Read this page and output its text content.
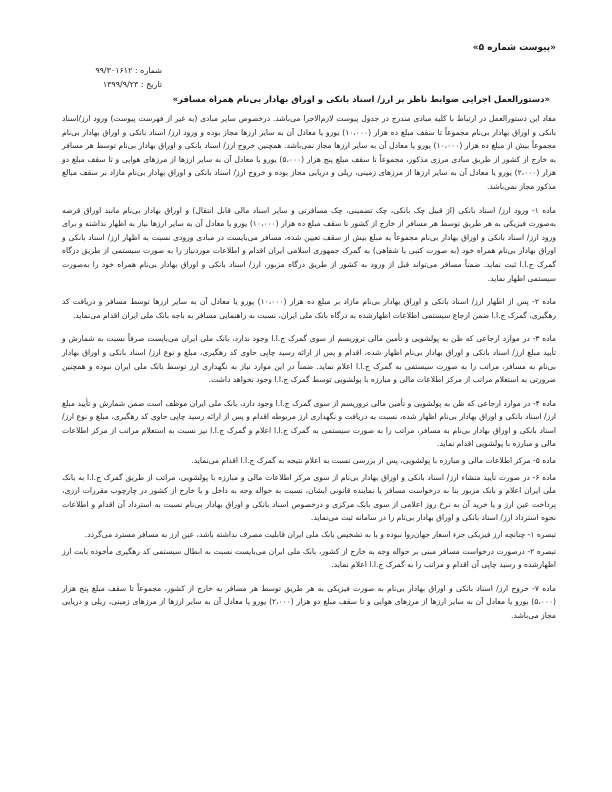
«پیوست شماره ۵»
شماره : ۹۹/۳۰۱۶۱۲
تاریخ : ۱۳۹۹/۹/۲۳
«دستورالعمل اجرایی ضوابط ناظر بر ارز/ اسناد بانکی و اوراق بهادار بی‌نام همراه مسافر»

مفاد این دستورالعمل در ارتباط با کلیه مبادی مندرج در جدول پیوست لازم‌الاجرا می‌باشد. درخصوص سایر مبادی (به غیر از فهرست پیوست) ورود ارز/اسناد بانکی و اوراق بهادار بی‌نام مجموعاً تا سقف مبلغ ده هزار (۱۰،۰۰۰) یورو یا معادل آن به سایر ارزها مجاز بوده و ورود ارز/ اسناد بانکی و اوراق بهادار بی‌نام مجموعاً بیش از مبلغ ده هزار (۱۰،۰۰۰) یورو یا معادل آن به سایر ارزها مجاز نمی‌باشد. همچنین خروج ارز/ اسناد بانکی و اوراق بهادار بی‌نام توسط هر مسافر به خارج از کشور از طریق مبادی مرزی مذکور، مجموعاً تا سقف مبلغ پنج هزار (۵،۰۰۰) یورو یا معادل آن به سایر ارزها از مرزهای هوایی و تا سقف مبلغ دو هزار (۲،۰۰۰) یورو یا معادل آن به سایر ارزها از مرزهای زمینی، ریلی و دریایی مجاز بوده و خروج ارز/ اسناد بانکی و اوراق بهادار بی‌نام مازاد بر سقف مبالغ مذکور مجاز نمی‌باشد.

ماده ۱- ورود ارز/ اسناد بانکی (از قبیل چک بانکی، چک تضمینی، چک مسافرتی و سایر اسناد مالی قابل انتقال) و اوراق بهادار بی‌نام مانند اوراق قرضه به‌صورت فیزیکی به هر طریق توسط هر مسافر از خارج از کشور تا سقف مبلغ ده هزار (۱۰،۰۰۰) یورو یا معادل آن به سایر ارزها نیاز به اظهار نداشته و برای ورود ارز/ اسناد بانکی و اوراق بهادار بی‌نام مجموعاً به مبلغ بیش از سقف تعیین شده، مسافر می‌بایست در مبادی ورودی نسبت به اظهار ارز/ اسناد بانکی و اوراق بهادار بی‌نام همراه خود (به صورت کتبی یا شفاهی) به گمرک جمهوری اسلامی ایران اقدام و اطلاعات موردنیاز را به صورت سیستمی از طریق درگاه گمرک ج.ا.ا ثبت نماید. ضمناً مسافر می‌تواند قبل از ورود به کشور از طریق درگاه مزبور، ارز/ اسناد بانکی و اوراق بهادار بی‌نام همراه خود را به‌صورت سیستمی اظهار نماید.

ماده ۲- پس از اظهار ارز/ اسناد بانکی و اوراق بهادار بی‌نام مازاد بر مبلغ ده هزار (۱۰،۰۰۰) یورو یا معادل آن به سایر ارزها توسط مسافر و دریافت کد رهگیری، گمرک ج.ا.ا ضمن ارجاع سیستمی اطلاعات اظهارشده به درگاه بانک ملی ایران، نسبت به راهنمایی مسافر به باجه بانک ملی ایران اقدام می‌نماید.

ماده ۳- در موارد ارجاعی که ظن به پولشویی و تأمین مالی تروریسم از سوی گمرک ج.ا.ا وجود ندارد، بانک ملی ایران می‌بایست صرفاً نسبت به شمارش و تأیید مبلغ ارز/ اسناد بانکی و اوراق بهادار بی‌نام اظهار شده، اقدام و پس از ارائه رسید چاپی حاوی کد رهگیری، مبلغ و نوع ارز/ اسناد بانکی و اوراق بهادار بی‌نام به مسافر، مراتب را به صورت سیستمی به گمرک ج.ا.ا اعلام نماید. ضمناً در این موارد نیاز به نگهداری ارز توسط بانک ملی ایران نبوده و همچنین ضرورتی به استعلام مراتب از مرکز اطلاعات مالی و مبارزه با پولشویی توسط گمرک ج.ا.ا وجود نخواهد داشت.

ماده ۴- در موارد ارجاعی که ظن به پولشویی و تأمین مالی تروریسم از سوی گمرک ج.ا.ا وجود دارد، بانک ملی ایران موظف است ضمن شمارش و تأیید مبلغ ارز/ اسناد بانکی و اوراق بهادار بی‌نام اظهار شده، نسبت به دریافت و نگهداری ارز مربوطه اقدام و پس از ارائه رسید چاپی حاوی کد رهگیری، مبلغ و نوع ارز/ اسناد بانکی و اوراق بهادار بی‌نام به مسافر، مراتب را به صورت سیستمی به گمرک ج.ا.ا اعلام و گمرک ج.ا.ا نیز نسبت به استعلام مراتب از مرکز اطلاعات مالی و مبارزه با پولشویی اقدام نماید.

ماده ۵- مرکز اطلاعات مالی و مبارزه با پولشویی، پس از بررسی نسبت به اعلام نتیجه به گمرک ج.ا.ا اقدام می‌نماید.

ماده ۶- در صورت تأیید منشاء ارز/ اسناد بانکی و اوراق بهادار بی‌نام از سوی مرکز اطلاعات مالی و مبارزه با پولشویی، مراتب از طریق گمرک ج.ا.ا به بانک ملی ایران اعلام و بانک مزبور بنا به درخواست مسافر یا نماینده قانونی ایشان، نسبت به حواله وجه به داخل و یا خارج از کشور در چارچوب مقررات ارزی، پرداخت عین ارز و یا خرید آن به نرخ روز اعلامی از سوی بانک مرکزی و درخصوص اسناد بانکی و اوراق بهادار بی‌نام نسبت به استرداد آن اقدام و اطلاعات نحوه استرداد ارز/ اسناد بانکی و اوراق بهادار بی‌نام را در سامانه ثبت می‌نماید.

تبصره ۱- چنانچه ارز فیزیکی جزء اسعار جهان‌روا نبوده و یا به تشخیص بانک ملی ایران قابلیت مصرف نداشته باشد، عین ارز به مسافر مسترد می‌گردد.

تبصره ۲- درصورت درخواست مسافر مبنی بر حواله وجه به خارج از کشور، بانک ملی ایران می‌بایست نسبت به ابطال سیستمی کد رهگیری مأخوذه بابت ارز اظهارشده و رسید چاپی آن اقدام و مراتب را به گمرک ج.ا.ا اعلام نماید.

ماده ۷- خروج ارز/ اسناد بانکی و اوراق بهادار بی‌نام به صورت فیزیکی به هر طریق توسط هر مسافر به خارج از کشور، مجموعاً تا سقف مبلغ پنج هزار (۵،۰۰۰) یورو یا معادل آن به سایر ارزها از مرزهای هوایی و تا سقف مبلغ دو هزار (۲،۰۰۰) یورو یا معادل آن به سایر ارزها از مرزهای زمینی، ریلی و دریایی مجاز می‌باشد.
